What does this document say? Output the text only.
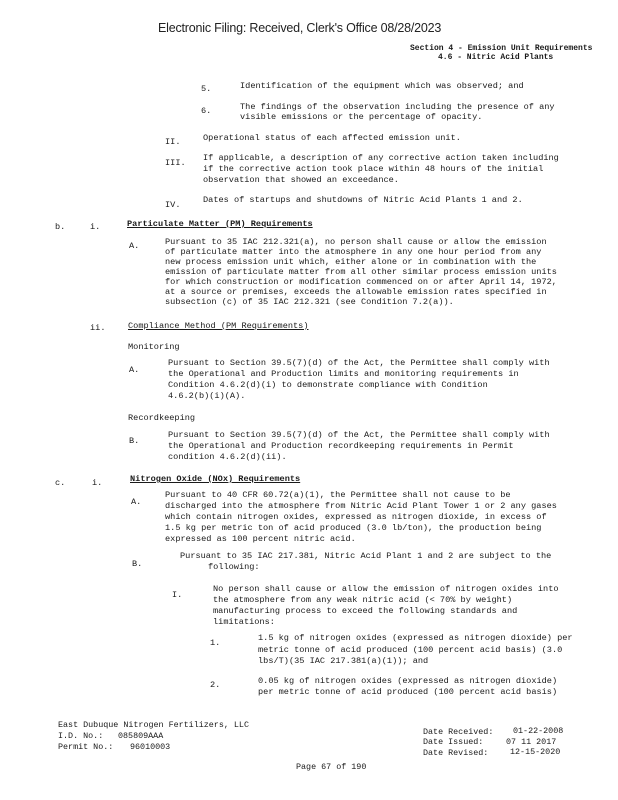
Electronic Filing: Received, Clerk's Office 08/28/2023
Section 4 - Emission Unit Requirements
4.6 - Nitric Acid Plants
5.	Identification of the equipment which was observed; and
6.	The findings of the observation including the presence of any
visible emissions or the percentage of opacity.
II.	Operational status of each affected emission unit.
III. If applicable, a description of any corrective action taken including
if the corrective action took place within 48 hours of the initial
observation that showed an exceedance.
IV.	Dates of startups and shutdowns of Nitric Acid Plants 1 and 2.
b.	i.	Particulate Matter (PM) Requirements
A.	Pursuant to 35 IAC 212.321(a), no person shall cause or allow the emission
of particulate matter into the atmosphere in any one hour period from any
new process emission unit which, either alone or in combination with the
emission of particulate matter from all other similar process emission units
for which construction or modification commenced on or after April 14, 1972,
at a source or premises, exceeds the allowable emission rates specified in
subsection (c) of 35 IAC 212.321 (see Condition 7.2(a)).
ii.	Compliance Method (PM Requirements)
Monitoring
A.
Pursuant to Section 39.5(7)(d) of the Act, the Permittee shall comply with
the Operational and Production limits and monitoring requirements in
Condition 4.6.2(d)(i) to demonstrate compliance with Condition
4.6.2(b)(i)(A).
Recordkeeping
B.
Pursuant to Section 39.5(7)(d) of the Act, the Permittee shall comply with
the Operational and Production recordkeeping requirements in Permit
condition 4.6.2(d)(ii).
c.	i.	Nitrogen Oxide (NOx) Requirements
A.
Pursuant to 40 CFR 60.72(a)(1), the Permittee shall not cause to be
discharged into the atmosphere from Nitric Acid Plant Tower 1 or 2 any gases
which contain nitrogen oxides, expressed as nitrogen dioxide, in excess of
1.5 kg per metric ton of acid produced (3.0 lb/ton), the production being
expressed as 100 percent nitric acid.
B.
Pursuant to 35 IAC 217.381, Nitric Acid Plant 1 and 2 are subject to the
following:
I.
No person shall cause or allow the emission of nitrogen oxides into
the atmosphere from any weak nitric acid (< 70% by weight)
manufacturing process to exceed the following standards and
limitations:
1.	1.5 kg of nitrogen oxides (expressed as nitrogen dioxide) per
metric tonne of acid produced (100 percent acid basis) (3.0
lbs/T)(35 IAC 217.381(a)(1)); and
2.	0.05 kg of nitrogen oxides (expressed as nitrogen dioxide)
per metric tonne of acid produced (100 percent acid basis)
East Dubuque Nitrogen Fertilizers, LLC
I.D. No.: 085809AAA
Permit No.: 96010003
Date Received: 01-22-2008
Date Issued:	07 11 2017
Date Revised:	12-15-2020
Page 67 of 190
